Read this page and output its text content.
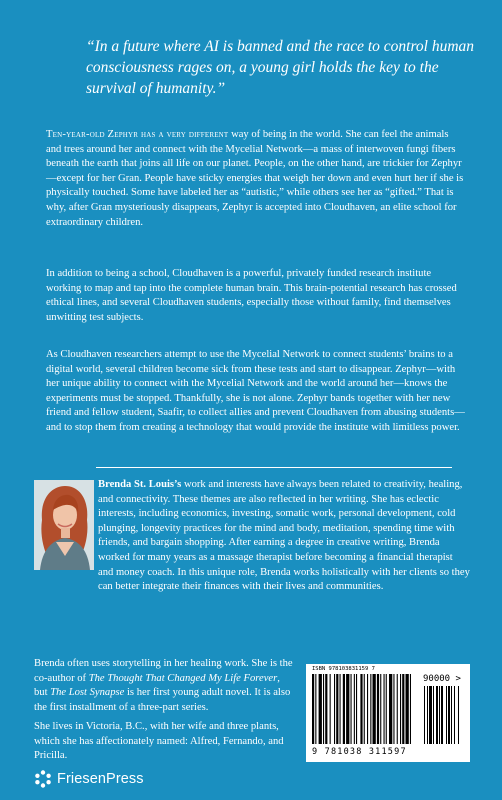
“In a future where AI is banned and the race to control human consciousness rages on, a young girl holds the key to the survival of humanity.”

Ten-year-old Zephyr has a very different way of being in the world. She can feel the animals and trees around her and connect with the Mycelial Network—a mass of interwoven fungi fibers beneath the earth that joins all life on our planet. People, on the other hand, are trickier for Zephyr—except for her Gran. People have sticky energies that weigh her down and even hurt her if she is physically touched. Some have labeled her as “autistic,” while others see her as “gifted.” That is why, after Gran mysteriously disappears, Zephyr is accepted into Cloudhaven, an elite school for extraordinary children.

In addition to being a school, Cloudhaven is a powerful, privately funded research institute working to map and tap into the complete human brain. This brain-potential research has crossed ethical lines, and several Cloudhaven students, especially those without family, find themselves unwitting test subjects.

As Cloudhaven researchers attempt to use the Mycelial Network to connect students’ brains to a digital world, several children become sick from these tests and start to disappear. Zephyr—with her unique ability to connect with the Mycelial Network and the world around her—knows the experiments must be stopped. Thankfully, she is not alone. Zephyr bands together with her new friend and fellow student, Saafir, to collect allies and prevent Cloudhaven from abusing students—and to stop them from creating a technology that would provide the institute with limitless power.

Brenda St. Louis’s work and interests have always been related to creativity, healing, and connectivity. These themes are also reflected in her writing. She has eclectic interests, including economics, investing, somatic work, personal development, cold plunging, longevity practices for the mind and body, meditation, spending time with friends, and bargain shopping. After earning a degree in creative writing, Brenda worked for many years as a massage therapist before becoming a financial therapist and money coach. In this unique role, Brenda works holistically with her clients so they can better integrate their finances with their lives and communities.

Brenda often uses storytelling in her healing work. She is the co-author of The Thought That Changed My Life Forever, but The Lost Synapse is her first young adult novel. It is also the first installment of a three-part series.

She lives in Victoria, B.C., with her wife and three plants, which she has affectionately named: Alfred, Fernando, and Pricilla.

ISBN 978103831159 7
90000 >
9 781038 311597
FriesenPress
